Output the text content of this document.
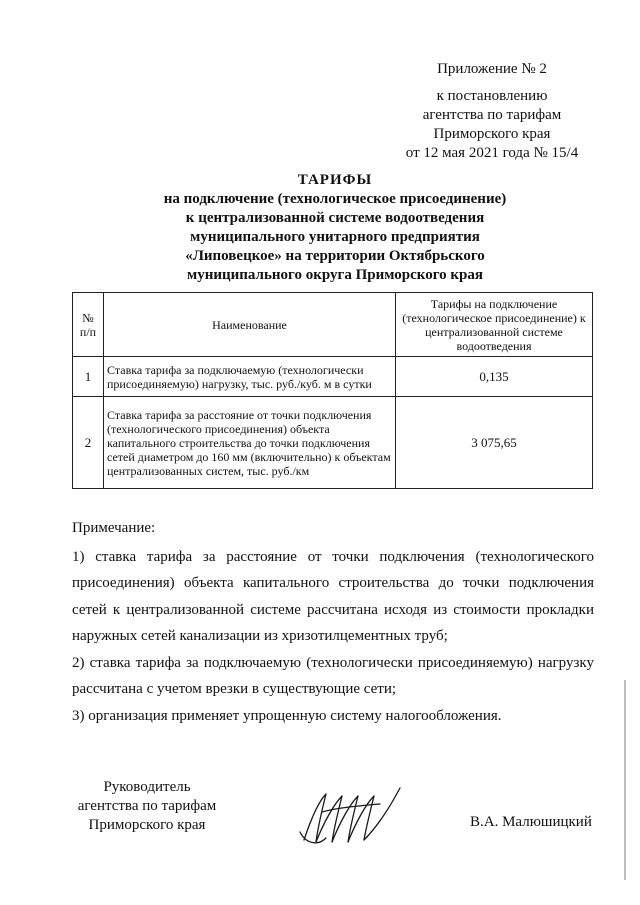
Приложение № 2
к постановлению
агентства по тарифам
Приморского края
от 12 мая 2021 года № 15/4
ТАРИФЫ
на подключение (технологическое присоединение)
к централизованной системе водоотведения
муниципального унитарного предприятия
«Липовецкое» на территории Октябрьского
муниципального округа Приморского края
№ п/п	Наименование	Тарифы на подключение (технологическое присоединение) к централизованной системе водоотведения
1	Ставка тарифа за подключаемую (технологически присоединяемую) нагрузку, тыс. руб./куб. м в сутки	0,135
2	Ставка тарифа за расстояние от точки подключения (технологического присоединения) объекта капитального строительства до точки подключения сетей диаметром до 160 мм (включительно) к объектам централизованных систем, тыс. руб./км	3 075,65
Примечание:

1) ставка тарифа за расстояние от точки подключения (технологического присоединения) объекта капитального строительства до точки подключения сетей к централизованной системе рассчитана исходя из стоимости прокладки наружных сетей канализации из хризотилцементных труб;

2) ставка тарифа за подключаемую (технологически присоединяемую) нагрузку рассчитана с учетом врезки в существующие сети;

3) организация применяет упрощенную систему налогообложения.

Руководитель
агентства по тарифам
Приморского края	В.А. Малюшицкий
